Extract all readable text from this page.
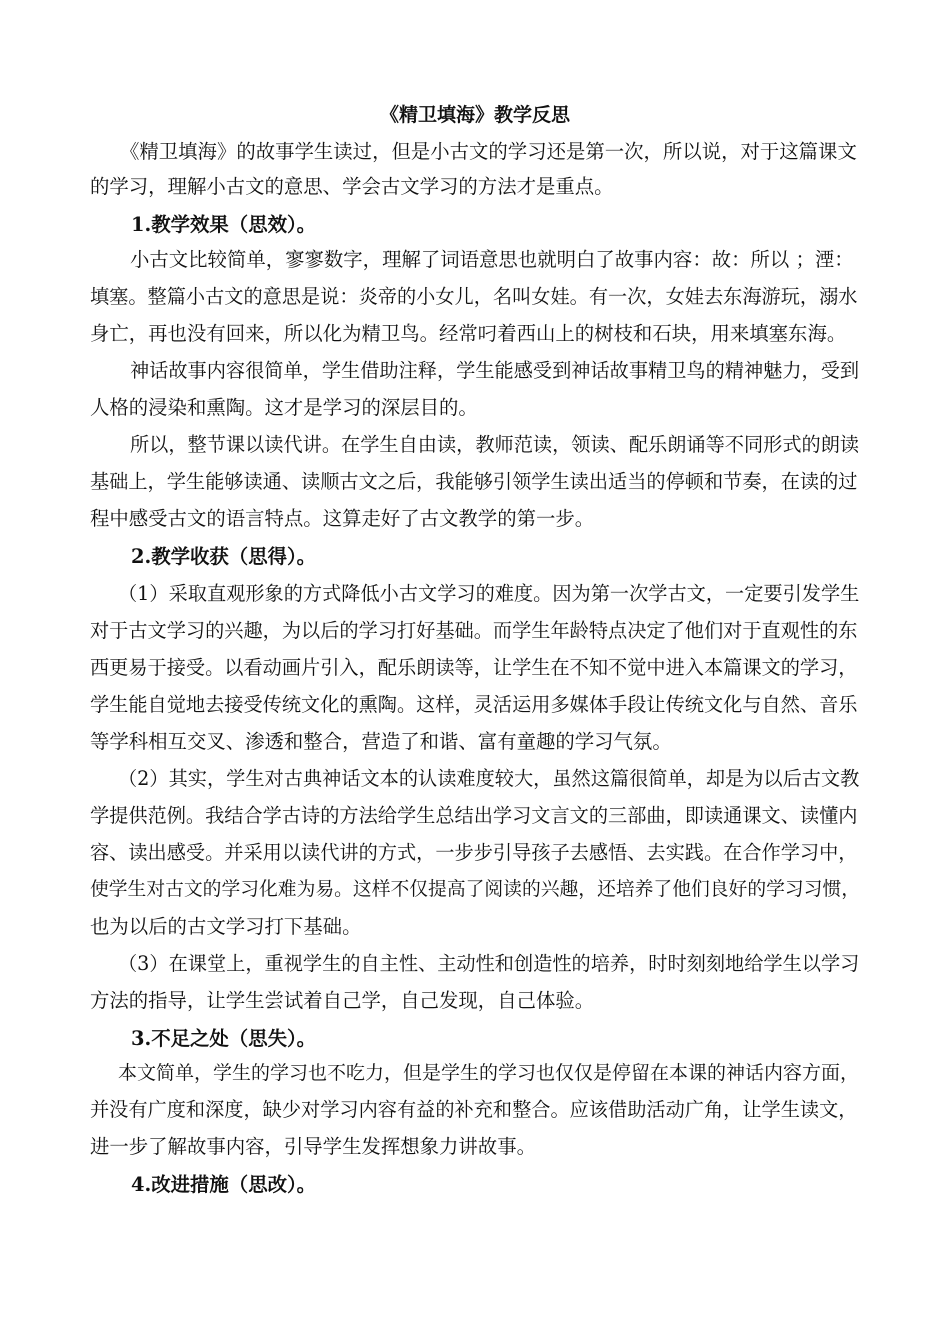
《精卫填海》教学反思
《精卫填海》的故事学生读过，但是小古文的学习还是第一次，所以说，对于这篇课文
的学习，理解小古文的意思、学会古文学习的方法才是重点。
1.教学效果（思效）。
小古文比较简单，寥寥数字，理解了词语意思也就明白了故事内容：故：所以 ；湮：
填塞。整篇小古文的意思是说：炎帝的小女儿，名叫女娃。有一次，女娃去东海游玩，溺水
身亡，再也没有回来，所以化为精卫鸟。经常叼着西山上的树枝和石块，用来填塞东海。
神话故事内容很简单，学生借助注释，学生能感受到神话故事精卫鸟的精神魅力，受到
人格的浸染和熏陶。这才是学习的深层目的。
所以，整节课以读代讲。在学生自由读，教师范读，领读、配乐朗诵等不同形式的朗读
基础上，学生能够读通、读顺古文之后，我能够引领学生读出适当的停顿和节奏，在读的过
程中感受古文的语言特点。这算走好了古文教学的第一步。
2.教学收获（思得）。
（1）采取直观形象的方式降低小古文学习的难度。因为第一次学古文，一定要引发学生
对于古文学习的兴趣，为以后的学习打好基础。而学生年龄特点决定了他们对于直观性的东
西更易于接受。以看动画片引入，配乐朗读等，让学生在不知不觉中进入本篇课文的学习，
学生能自觉地去接受传统文化的熏陶。这样，灵活运用多媒体手段让传统文化与自然、音乐
等学科相互交叉、渗透和整合，营造了和谐、富有童趣的学习气氛。
（2）其实，学生对古典神话文本的认读难度较大，虽然这篇很简单，却是为以后古文教
学提供范例。我结合学古诗的方法给学生总结出学习文言文的三部曲，即读通课文、读懂内
容、读出感受。并采用以读代讲的方式，一步步引导孩子去感悟、去实践。在合作学习中，
使学生对古文的学习化难为易。这样不仅提高了阅读的兴趣，还培养了他们良好的学习习惯，
也为以后的古文学习打下基础。
（3）在课堂上，重视学生的自主性、主动性和创造性的培养，时时刻刻地给学生以学习
方法的指导，让学生尝试着自己学，自己发现，自己体验。
3.不足之处（思失）。
本文简单，学生的学习也不吃力，但是学生的学习也仅仅是停留在本课的神话内容方面，
并没有广度和深度，缺少对学习内容有益的补充和整合。应该借助活动广角，让学生读文，
进一步了解故事内容，引导学生发挥想象力讲故事。
4.改进措施（思改）。
